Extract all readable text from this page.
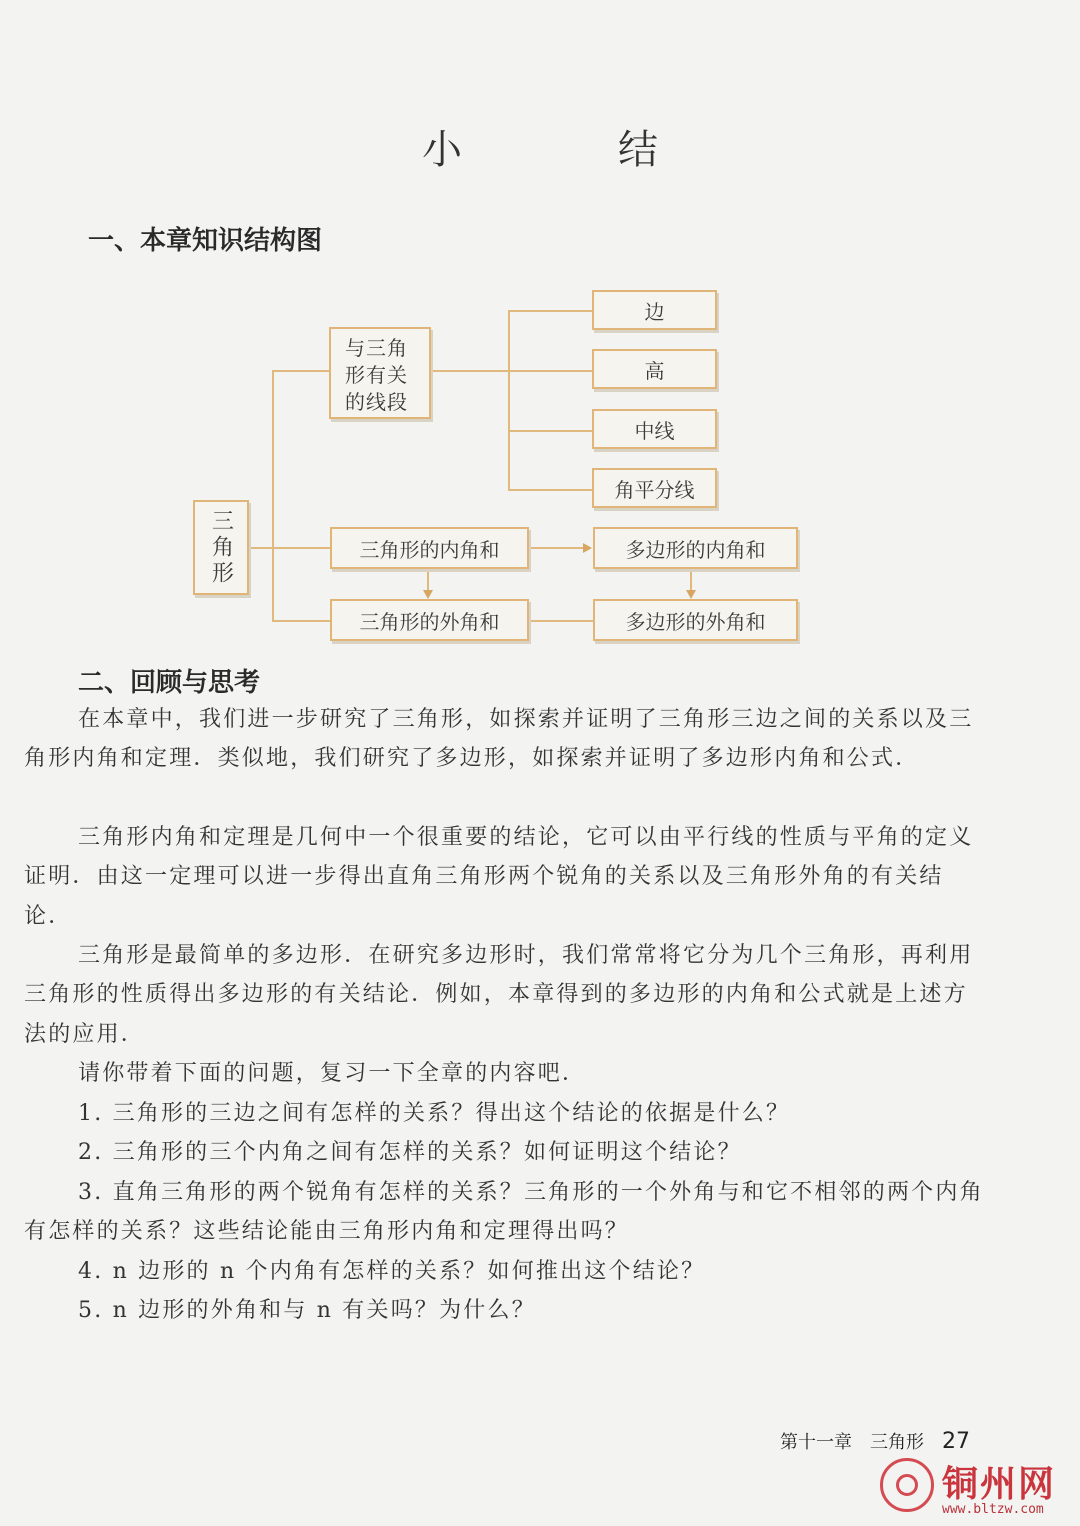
小　结
一、本章知识结构图
三角形
与三角形有关的线段
边
高
中线
角平分线
三角形的内角和
三角形的外角和
多边形的内角和
多边形的外角和
二、回顾与思考

在本章中，我们进一步研究了三角形，如探索并证明了三角形三边之间的关系以及三角形内角和定理．类似地，我们研究了多边形，如探索并证明了多边形内角和公式．

三角形内角和定理是几何中一个很重要的结论，它可以由平行线的性质与平角的定义证明．由这一定理可以进一步得出直角三角形两个锐角的关系以及三角形外角的有关结论．

三角形是最简单的多边形．在研究多边形时，我们常常将它分为几个三角形，再利用三角形的性质得出多边形的有关结论．例如，本章得到的多边形的内角和公式就是上述方法的应用．

请你带着下面的问题，复习一下全章的内容吧．

1. 三角形的三边之间有怎样的关系？得出这个结论的依据是什么？

2. 三角形的三个内角之间有怎样的关系？如何证明这个结论？

3. 直角三角形的两个锐角有怎样的关系？三角形的一个外角与和它不相邻的两个内角有怎样的关系？这些结论能由三角形内角和定理得出吗？

4. n 边形的 n 个内角有怎样的关系？如何推出这个结论？

5. n 边形的外角和与 n 有关吗？为什么？

第十一章　三角形 27
铜州网
www.bltzw.com
